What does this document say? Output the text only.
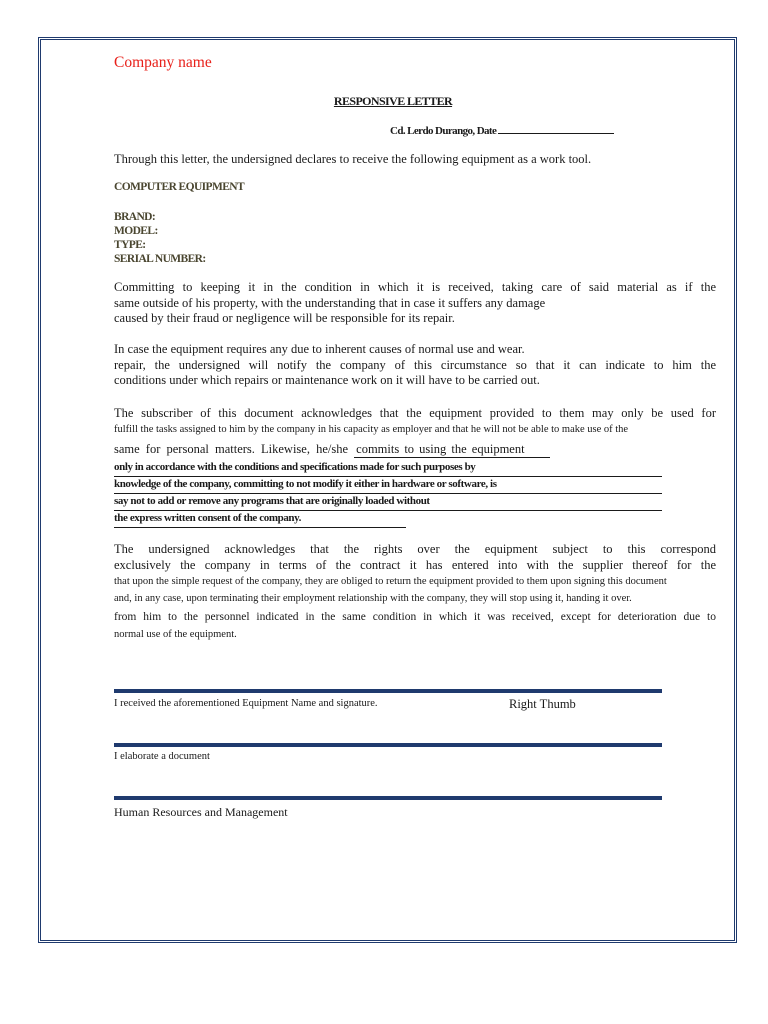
Company name
RESPONSIVE LETTER
Cd. Lerdo Durango, Date
Through this letter, the undersigned declares to receive the following equipment as a work tool.
COMPUTER EQUIPMENT
BRAND:
MODEL:
TYPE:
SERIAL NUMBER:

Committing to keeping it in the condition in which it is received, taking care of said material as if the

same outside of his property, with the understanding that in case it suffers any damage

caused by their fraud or negligence will be responsible for its repair.

In case the equipment requires any due to inherent causes of normal use and wear.

repair, the undersigned will notify the company of this circumstance so that it can indicate to him the

conditions under which repairs or maintenance work on it will have to be carried out.

The subscriber of this document acknowledges that the equipment provided to them may only be used for

fulfill the tasks assigned to him by the company in his capacity as employer and that he will not be able to make use of the

same for personal matters. Likewise, he/she commits to using the equipment

only in accordance with the conditions and specifications made for such purposes by
knowledge of the company, committing to not modify it either in hardware or software, is
say not to add or remove any programs that are originally loaded without
the express written consent of the company.

The undersigned acknowledges that the rights over the equipment subject to this correspond

exclusively the company in terms of the contract it has entered into with the supplier thereof for the

that upon the simple request of the company, they are obliged to return the equipment provided to them upon signing this document

and, in any case, upon terminating their employment relationship with the company, they will stop using it, handing it over.

from him to the personnel indicated in the same condition in which it was received, except for deterioration due to

normal use of the equipment.

I received the aforementioned Equipment Name and signature.	Right Thumb
I elaborate a document
Human Resources and Management
